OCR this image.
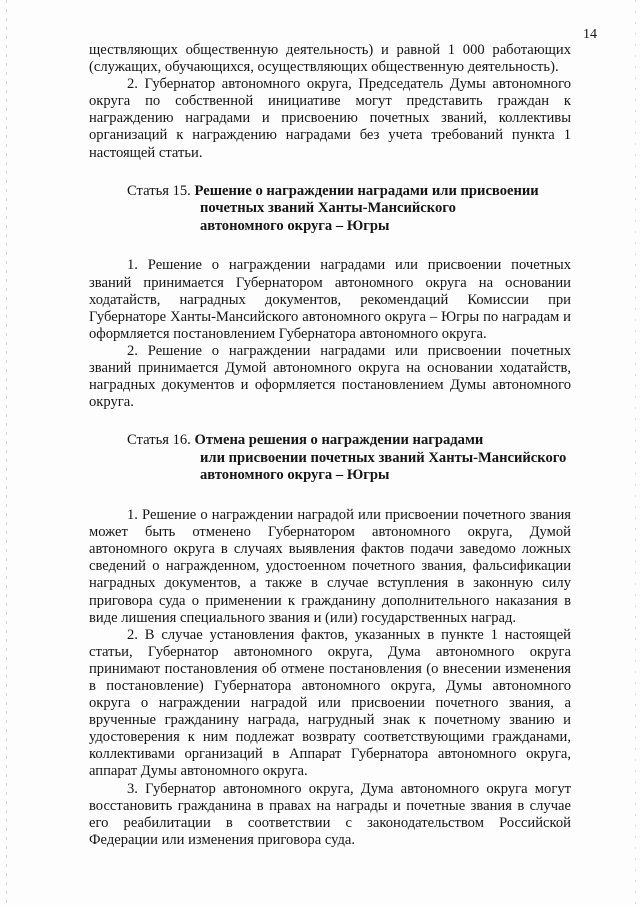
14

ществляющих общественную деятельность) и равной 1 000 работающих (служащих, обучающихся, осуществляющих общественную деятельность).

2. Губернатор автономного округа, Председатель Думы автономного округа по собственной инициативе могут представить граждан к награждению наградами и присвоению почетных званий, коллективы организаций к награждению наградами без учета требований пункта 1 настоящей статьи.

Статья 15. Решение о награждении наградами или присвоении
почетных званий Ханты-Мансийского
автономного округа – Югры

1. Решение о награждении наградами или присвоении почетных званий принимается Губернатором автономного округа на основании ходатайств, наградных документов, рекомендаций Комиссии при Губернаторе Ханты-Мансийского автономного округа – Югры по наградам и оформляется постановлением Губернатора автономного округа.

2. Решение о награждении наградами или присвоении почетных званий принимается Думой автономного округа на основании ходатайств, наградных документов и оформляется постановлением Думы автономного округа.

Статья 16. Отмена решения о награждении наградами
или присвоении почетных званий Ханты-Мансийского
автономного округа – Югры

1. Решение о награждении наградой или присвоении почетного звания может быть отменено Губернатором автономного округа, Думой автономного округа в случаях выявления фактов подачи заведомо ложных сведений о награжденном, удостоенном почетного звания, фальсификации наградных документов, а также в случае вступления в законную силу приговора суда о применении к гражданину дополнительного наказания в виде лишения специального звания и (или) государственных наград.

2. В случае установления фактов, указанных в пункте 1 настоящей статьи, Губернатор автономного округа, Дума автономного округа принимают постановления об отмене постановления (о внесении изменения в постановление) Губернатора автономного округа, Думы автономного округа о награждении наградой или присвоении почетного звания, а врученные гражданину награда, нагрудный знак к почетному званию и удостоверения к ним подлежат возврату соответствующими гражданами, коллективами организаций в Аппарат Губернатора автономного округа, аппарат Думы автономного округа.

3. Губернатор автономного округа, Дума автономного округа могут восстановить гражданина в правах на награды и почетные звания в случае его реабилитации в соответствии с законодательством Российской Федерации или изменения приговора суда.
